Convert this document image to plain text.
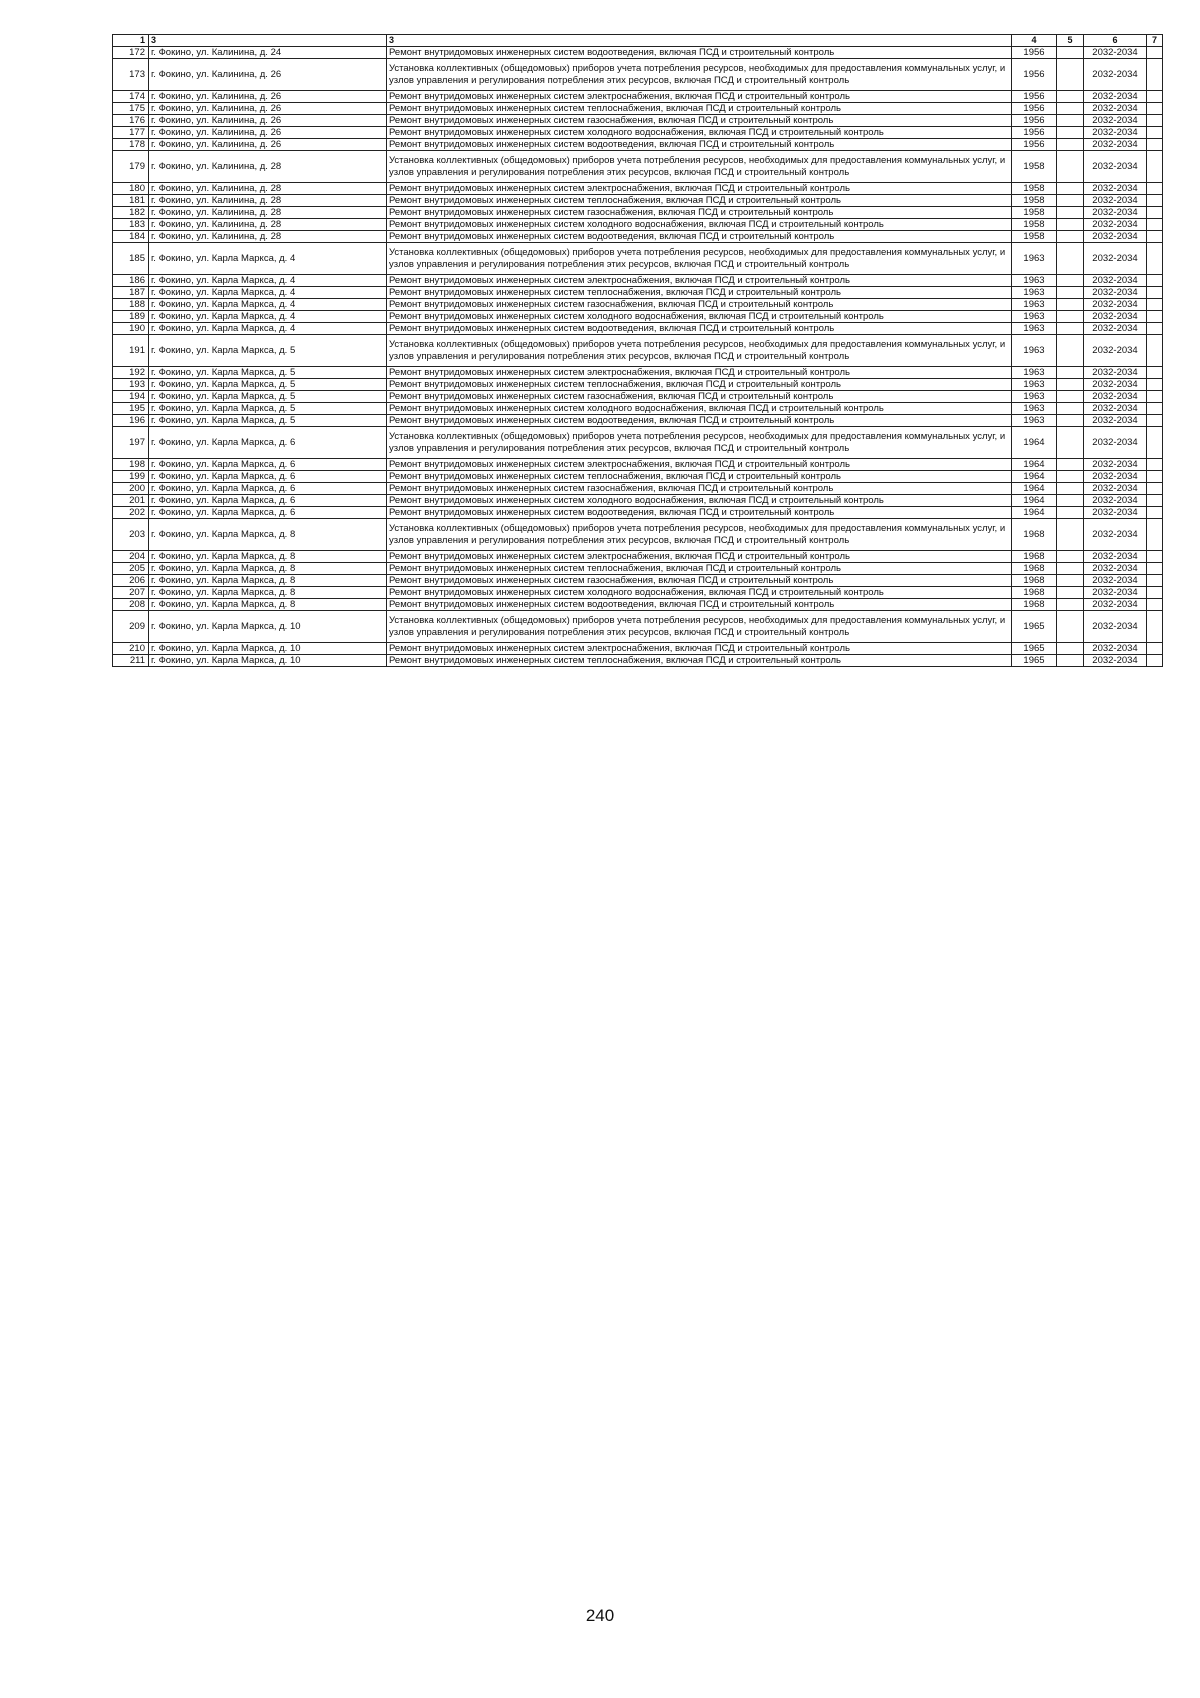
1	3	3	4	5	6	7
172	г. Фокино, ул. Калинина, д. 24	Ремонт внутридомовых инженерных систем водоотведения, включая ПСД и строительный контроль	1956		2032-2034	
173	г. Фокино, ул. Калинина, д. 26	Установка коллективных (общедомовых) приборов учета потребления ресурсов, необходимых для предоставления коммунальных услуг, и узлов управления и регулирования потребления этих ресурсов, включая ПСД и строительный контроль	1956		2032-2034	
174	г. Фокино, ул. Калинина, д. 26	Ремонт внутридомовых инженерных систем электроснабжения, включая ПСД и строительный контроль	1956		2032-2034	
175	г. Фокино, ул. Калинина, д. 26	Ремонт внутридомовых инженерных систем теплоснабжения, включая ПСД и строительный контроль	1956		2032-2034	
176	г. Фокино, ул. Калинина, д. 26	Ремонт внутридомовых инженерных систем газоснабжения, включая ПСД и строительный контроль	1956		2032-2034	
177	г. Фокино, ул. Калинина, д. 26	Ремонт внутридомовых инженерных систем холодного водоснабжения, включая ПСД и строительный контроль	1956		2032-2034	
178	г. Фокино, ул. Калинина, д. 26	Ремонт внутридомовых инженерных систем водоотведения, включая ПСД и строительный контроль	1956		2032-2034	
179	г. Фокино, ул. Калинина, д. 28	Установка коллективных (общедомовых) приборов учета потребления ресурсов, необходимых для предоставления коммунальных услуг, и узлов управления и регулирования потребления этих ресурсов, включая ПСД и строительный контроль	1958		2032-2034	
180	г. Фокино, ул. Калинина, д. 28	Ремонт внутридомовых инженерных систем электроснабжения, включая ПСД и строительный контроль	1958		2032-2034	
181	г. Фокино, ул. Калинина, д. 28	Ремонт внутридомовых инженерных систем теплоснабжения, включая ПСД и строительный контроль	1958		2032-2034	
182	г. Фокино, ул. Калинина, д. 28	Ремонт внутридомовых инженерных систем газоснабжения, включая ПСД и строительный контроль	1958		2032-2034	
183	г. Фокино, ул. Калинина, д. 28	Ремонт внутридомовых инженерных систем холодного водоснабжения, включая ПСД и строительный контроль	1958		2032-2034	
184	г. Фокино, ул. Калинина, д. 28	Ремонт внутридомовых инженерных систем водоотведения, включая ПСД и строительный контроль	1958		2032-2034	
185	г. Фокино, ул. Карла Маркса, д. 4	Установка коллективных (общедомовых) приборов учета потребления ресурсов, необходимых для предоставления коммунальных услуг, и узлов управления и регулирования потребления этих ресурсов, включая ПСД и строительный контроль	1963		2032-2034	
186	г. Фокино, ул. Карла Маркса, д. 4	Ремонт внутридомовых инженерных систем электроснабжения, включая ПСД и строительный контроль	1963		2032-2034	
187	г. Фокино, ул. Карла Маркса, д. 4	Ремонт внутридомовых инженерных систем теплоснабжения, включая ПСД и строительный контроль	1963		2032-2034	
188	г. Фокино, ул. Карла Маркса, д. 4	Ремонт внутридомовых инженерных систем газоснабжения, включая ПСД и строительный контроль	1963		2032-2034	
189	г. Фокино, ул. Карла Маркса, д. 4	Ремонт внутридомовых инженерных систем холодного водоснабжения, включая ПСД и строительный контроль	1963		2032-2034	
190	г. Фокино, ул. Карла Маркса, д. 4	Ремонт внутридомовых инженерных систем водоотведения, включая ПСД и строительный контроль	1963		2032-2034	
191	г. Фокино, ул. Карла Маркса, д. 5	Установка коллективных (общедомовых) приборов учета потребления ресурсов, необходимых для предоставления коммунальных услуг, и узлов управления и регулирования потребления этих ресурсов, включая ПСД и строительный контроль	1963		2032-2034	
192	г. Фокино, ул. Карла Маркса, д. 5	Ремонт внутридомовых инженерных систем электроснабжения, включая ПСД и строительный контроль	1963		2032-2034	
193	г. Фокино, ул. Карла Маркса, д. 5	Ремонт внутридомовых инженерных систем теплоснабжения, включая ПСД и строительный контроль	1963		2032-2034	
194	г. Фокино, ул. Карла Маркса, д. 5	Ремонт внутридомовых инженерных систем газоснабжения, включая ПСД и строительный контроль	1963		2032-2034	
195	г. Фокино, ул. Карла Маркса, д. 5	Ремонт внутридомовых инженерных систем холодного водоснабжения, включая ПСД и строительный контроль	1963		2032-2034	
196	г. Фокино, ул. Карла Маркса, д. 5	Ремонт внутридомовых инженерных систем водоотведения, включая ПСД и строительный контроль	1963		2032-2034	
197	г. Фокино, ул. Карла Маркса, д. 6	Установка коллективных (общедомовых) приборов учета потребления ресурсов, необходимых для предоставления коммунальных услуг, и узлов управления и регулирования потребления этих ресурсов, включая ПСД и строительный контроль	1964		2032-2034	
198	г. Фокино, ул. Карла Маркса, д. 6	Ремонт внутридомовых инженерных систем электроснабжения, включая ПСД и строительный контроль	1964		2032-2034	
199	г. Фокино, ул. Карла Маркса, д. 6	Ремонт внутридомовых инженерных систем теплоснабжения, включая ПСД и строительный контроль	1964		2032-2034	
200	г. Фокино, ул. Карла Маркса, д. 6	Ремонт внутридомовых инженерных систем газоснабжения, включая ПСД и строительный контроль	1964		2032-2034	
201	г. Фокино, ул. Карла Маркса, д. 6	Ремонт внутридомовых инженерных систем холодного водоснабжения, включая ПСД и строительный контроль	1964		2032-2034	
202	г. Фокино, ул. Карла Маркса, д. 6	Ремонт внутридомовых инженерных систем водоотведения, включая ПСД и строительный контроль	1964		2032-2034	
203	г. Фокино, ул. Карла Маркса, д. 8	Установка коллективных (общедомовых) приборов учета потребления ресурсов, необходимых для предоставления коммунальных услуг, и узлов управления и регулирования потребления этих ресурсов, включая ПСД и строительный контроль	1968		2032-2034	
204	г. Фокино, ул. Карла Маркса, д. 8	Ремонт внутридомовых инженерных систем электроснабжения, включая ПСД и строительный контроль	1968		2032-2034	
205	г. Фокино, ул. Карла Маркса, д. 8	Ремонт внутридомовых инженерных систем теплоснабжения, включая ПСД и строительный контроль	1968		2032-2034	
206	г. Фокино, ул. Карла Маркса, д. 8	Ремонт внутридомовых инженерных систем газоснабжения, включая ПСД и строительный контроль	1968		2032-2034	
207	г. Фокино, ул. Карла Маркса, д. 8	Ремонт внутридомовых инженерных систем холодного водоснабжения, включая ПСД и строительный контроль	1968		2032-2034	
208	г. Фокино, ул. Карла Маркса, д. 8	Ремонт внутридомовых инженерных систем водоотведения, включая ПСД и строительный контроль	1968		2032-2034	
209	г. Фокино, ул. Карла Маркса, д. 10	Установка коллективных (общедомовых) приборов учета потребления ресурсов, необходимых для предоставления коммунальных услуг, и узлов управления и регулирования потребления этих ресурсов, включая ПСД и строительный контроль	1965		2032-2034	
210	г. Фокино, ул. Карла Маркса, д. 10	Ремонт внутридомовых инженерных систем электроснабжения, включая ПСД и строительный контроль	1965		2032-2034	
211	г. Фокино, ул. Карла Маркса, д. 10	Ремонт внутридомовых инженерных систем теплоснабжения, включая ПСД и строительный контроль	1965		2032-2034	
240
